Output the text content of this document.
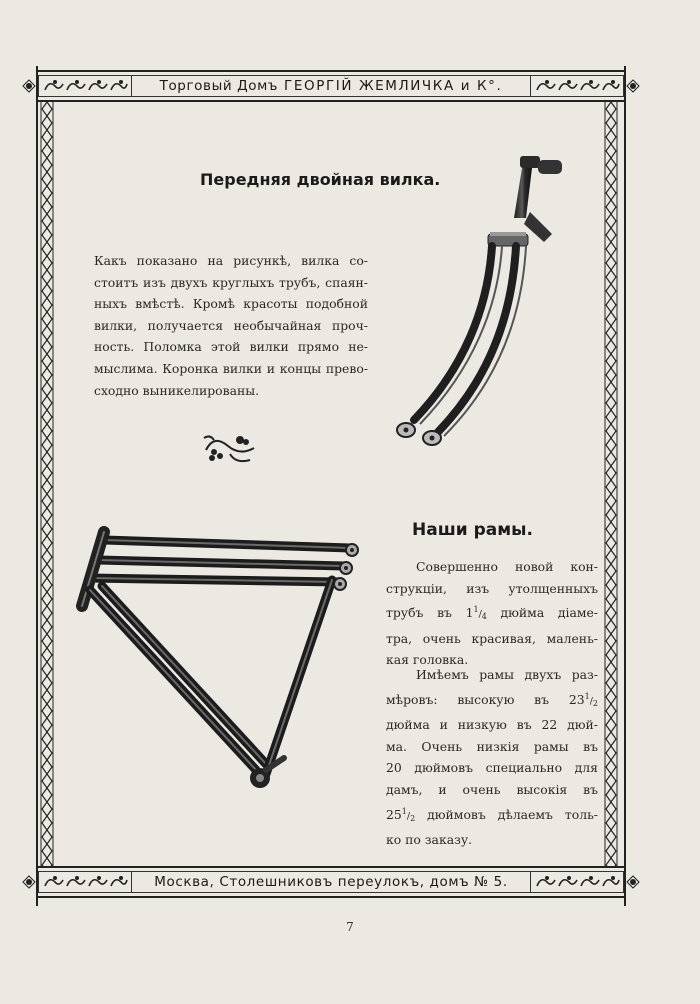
Торговый Домъ ГЕОРГІЙ ЖЕМЛИЧКА и К°.
Передняя двойная вилка.
Какъ показано на рисункѣ, вилка со-
стоитъ изъ двухъ круглыхъ трубъ, спаян-
ныхъ вмѣстѣ. Кромѣ красоты подобной
вилки, получается необычайная проч-
ность. Поломка этой вилки прямо не-
мыслима. Коронка вилки и концы прево-
сходно выникелированы.
Наши рамы.
Совершенно новой кон-
струкціи, изъ утолщенныхъ
трубъ въ $1^1/_4$ дюйма діаме-
тра, очень красивая, малень-
кая головка.
Имѣемъ рамы двухъ раз-
мѣровъ: высокую въ $23^1/_2$
дюйма и низкую въ 22 дюй-
ма. Очень низкія рамы въ
20 дюймовъ специально для
дамъ, и очень высокія въ
$25^1/_2$ дюймовъ дѣлаемъ толь-
ко по заказу.
Москва, Столешниковъ переулокъ, домъ № 5.
7
